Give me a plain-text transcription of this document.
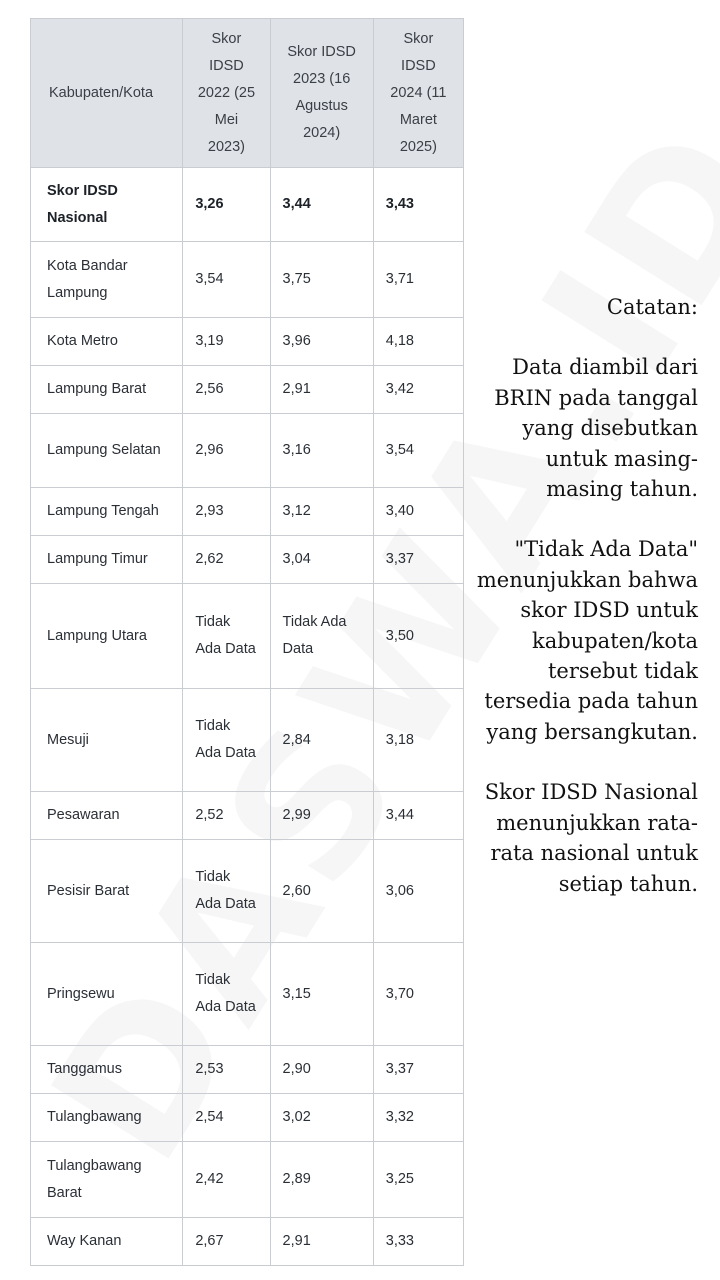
Kabupaten/Kota	Skor IDSD 2022 (25 Mei 2023)	Skor IDSD 2023 (16 Agustus 2024)	Skor IDSD 2024 (11 Maret 2025)
Skor IDSD Nasional	3,26	3,44	3,43
Kota Bandar Lampung	3,54	3,75	3,71
Kota Metro	3,19	3,96	4,18
Lampung Barat	2,56	2,91	3,42
Lampung Selatan	2,96	3,16	3,54
Lampung Tengah	2,93	3,12	3,40
Lampung Timur	2,62	3,04	3,37
Lampung Utara	Tidak Ada Data	Tidak Ada Data	3,50
Mesuji	Tidak Ada Data	2,84	3,18
Pesawaran	2,52	2,99	3,44
Pesisir Barat	Tidak Ada Data	2,60	3,06
Pringsewu	Tidak Ada Data	3,15	3,70
Tanggamus	2,53	2,90	3,37
Tulangbawang	2,54	3,02	3,32
Tulangbawang Barat	2,42	2,89	3,25
Way Kanan	2,67	2,91	3,33

Catatan:

Data diambil dari BRIN pada tanggal yang disebutkan untuk masing-masing tahun.

"Tidak Ada Data" menunjukkan bahwa skor IDSD untuk kabupaten/kota tersebut tidak tersedia pada tahun yang bersangkutan.

Skor IDSD Nasional menunjukkan rata-rata nasional untuk setiap tahun.
